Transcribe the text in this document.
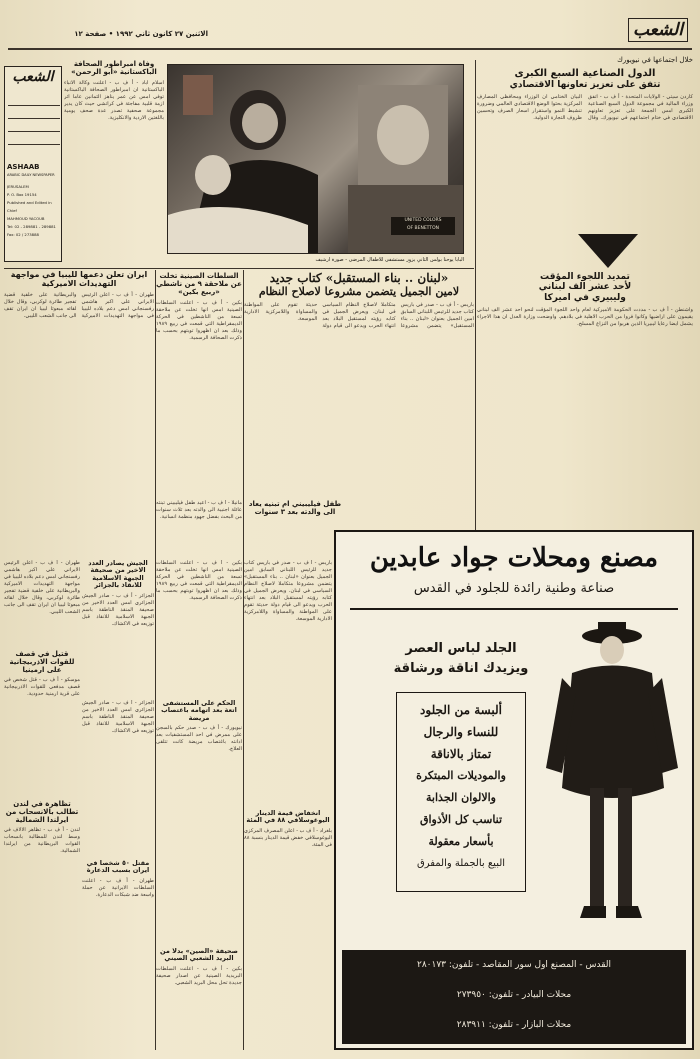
الشعب
الاثنين ٢٧ كانون ثاني ١٩٩٢ • صفحة ١٢
خلال اجتماعها في نيويورك
الدول الصناعية السبع الكبرى
تتفق على تعزيز تعاونها الاقتصادي
كاردن سيتي - الولايات المتحدة - أ ف ب - اتفق وزراء المالية في مجموعة الدول السبع الصناعية الكبرى امس الجمعة على تعزيز تعاونهم الاقتصادي في ختام اجتماعهم في نيويورك. وقال البيان الختامي ان الوزراء ومحافظي المصارف المركزية بحثوا الوضع الاقتصادي العالمي وضرورة تنشيط النمو واستقرار اسعار الصرف وتحسين ظروف التجارة الدولية.
تمديد اللجوء المؤقت
لأحد عشر الف لبناني
وليبيري في اميركا
واشنطن - أ ف ب - مددت الحكومة الاميركية لعام واحد اللجوء المؤقت لنحو احد عشر الف لبناني يقيمون على اراضيها وكانوا فروا من الحرب الاهلية في بلادهم. واوضحت وزارة العدل ان هذا الاجراء يشمل ايضا رعايا ليبيريا الذين هربوا من النزاع المسلح.
UNITED COLORS
OF BENETTON
البابا يوحنا بولس الثاني يزور مستشفى للاطفال المرضى - صورة ارشيف
الشعب
ASHAAB
ARABIC DAILY NEWSPAPER
JERUSALEM
P. O. Box 19154
Published and Edited in Chief
MAHMOUD YACOUB
Tel: 02 - 289881 - 289881
Fax: 02 / 273888
وفاة امبراطور الصحافة الباكستانية «أبو الرحمن»
اسلام اباد - أ ف ب - اعلنت وكالة الانباء الباكستانية ان امبراطور الصحافة الباكستانية توفي امس عن عمر يناهز الثمانين عاما اثر ازمة قلبية مفاجئة في كراتشي حيث كان يدير مجموعة صحفية تصدر عدة صحف يومية باللغتين الاردية والانكليزية.
ايران تعلن دعمها لليبيا في مواجهة التهديدات الاميركية
طهران - أ ف ب - اعلن الرئيس الايراني علي اكبر هاشمي رفسنجاني امس دعم بلاده لليبيا في مواجهة التهديدات الاميركية والبريطانية على خلفية قضية تفجير طائرة لوكربي، وقال خلال لقائه مبعوثا ليبيا ان ايران تقف الى جانب الشعب الليبي.
السلطات الصينية تخلت عن ملاحقة ٩ من ناشطي «ربيع بكين»
بكين - أ ف ب - اعلنت السلطات الصينية امس انها تخلت عن ملاحقة تسعة من الناشطين في الحركة الديمقراطية التي قمعت في ربيع ١٩٨٩ وذلك بعد ان اظهروا توبتهم بحسب ما ذكرت الصحافة الرسمية.
«لبنان .. بناء المستقبل» كتاب جديد
لامين الجميل يتضمن مشروعا لاصلاح النظام
باريس - أ ف ب - صدر في باريس كتاب جديد للرئيس اللبناني السابق امين الجميل بعنوان «لبنان .. بناء المستقبل» يتضمن مشروعا متكاملا لاصلاح النظام السياسي في لبنان. ويعرض الجميل في كتابه رؤيته لمستقبل البلاد بعد انتهاء الحرب ويدعو الى قيام دولة حديثة تقوم على المواطنة والمساواة واللامركزية الادارية الموسعة.
طفل فيليبيني ام تبنيه يعاد الى والدته بعد ٣ سنوات
مانيلا - أ ف ب - اعيد طفل فيليبيني تبنته عائلة اجنبية الى والدته بعد ثلاث سنوات من البحث بفضل جهود منظمة انسانية.
الجيش يصادر العدد الاخير من صحيفة الجبهة الاسلامية للانقاذ بالجزائر
الجزائر - أ ف ب - صادر الجيش الجزائري امس العدد الاخير من صحيفة المنقذ الناطقة باسم الجبهة الاسلامية للانقاذ قبل توزيعه في الاكشاك.
قتيل في قصف للقوات الاذربيجانية على ارمينيا
موسكو - أ ف ب - قتل شخص في قصف مدفعي للقوات الاذربيجانية على قرية ارمنية حدودية.
تظاهرة في لندن تطالب بالانسحاب من ايرلندا الشمالية
لندن - أ ف ب - تظاهر الالاف في وسط لندن للمطالبة بانسحاب القوات البريطانية من ايرلندا الشمالية.
مقتل ٥٠ شخصا في ايران بسبب الدعارة
طهران - أ ف ب - اعلنت السلطات الايرانية عن حملة واسعة ضد شبكات الدعارة.
صحيفة «الصين» بدلا من البريد الشعبي الصيني
بكين - أ ف ب - اعلنت السلطات البريدية الصينية عن اصدار صحيفة جديدة تحل محل البريد الشعبي.
الحكم على المستشفى اتعة بعد اتهامه باغتصاب مريضة
نيويورك - أ ف ب - صدر حكم بالسجن على ممرض في احد المستشفيات بعد ادانته باغتصاب مريضة كانت تتلقى العلاج.
انخفاض قيمة الدينار اليوغوسلافي ٨٨ في المئة
بلغراد - أ ف ب - اعلن المصرف المركزي اليوغوسلافي خفض قيمة الدينار بنسبة ٨٨ في المئة.
طهران - أ ف ب - اعلن الرئيس الايراني علي اكبر هاشمي رفسنجاني امس دعم بلاده لليبيا في مواجهة التهديدات الاميركية والبريطانية على خلفية قضية تفجير طائرة لوكربي، وقال خلال لقائه مبعوثا ليبيا ان ايران تقف الى جانب الشعب الليبي.
بكين - أ ف ب - اعلنت السلطات الصينية امس انها تخلت عن ملاحقة تسعة من الناشطين في الحركة الديمقراطية التي قمعت في ربيع ١٩٨٩ وذلك بعد ان اظهروا توبتهم بحسب ما ذكرت الصحافة الرسمية.
الجزائر - أ ف ب - صادر الجيش الجزائري امس العدد الاخير من صحيفة المنقذ الناطقة باسم الجبهة الاسلامية للانقاذ قبل توزيعه في الاكشاك.
باريس - أ ف ب - صدر في باريس كتاب جديد للرئيس اللبناني السابق امين الجميل بعنوان «لبنان .. بناء المستقبل» يتضمن مشروعا متكاملا لاصلاح النظام السياسي في لبنان. ويعرض الجميل في كتابه رؤيته لمستقبل البلاد بعد انتهاء الحرب ويدعو الى قيام دولة حديثة تقوم على المواطنة والمساواة واللامركزية الادارية الموسعة.
مصنع ومحلات جواد عابدين
صناعة وطنية رائدة للجلود في القدس
الجلد لباس العصر
ويزيدك اناقة ورشاقة
ألبسة من الجلود
للنساء والرجال
تمتاز بالاناقة
والموديلات المبتكرة
والالوان الجذابة
تناسب كل الأذواق
بأسعار معقولة
البيع بالجملة والمفرق
القدس - المصنع اول سور المقاصد - تلفون: ٢٨٠١٧٣
محلات البيادر - تلفون: ٢٧٣٩٥٠
محلات البازار - تلفون: ٢٨٣٩١١
